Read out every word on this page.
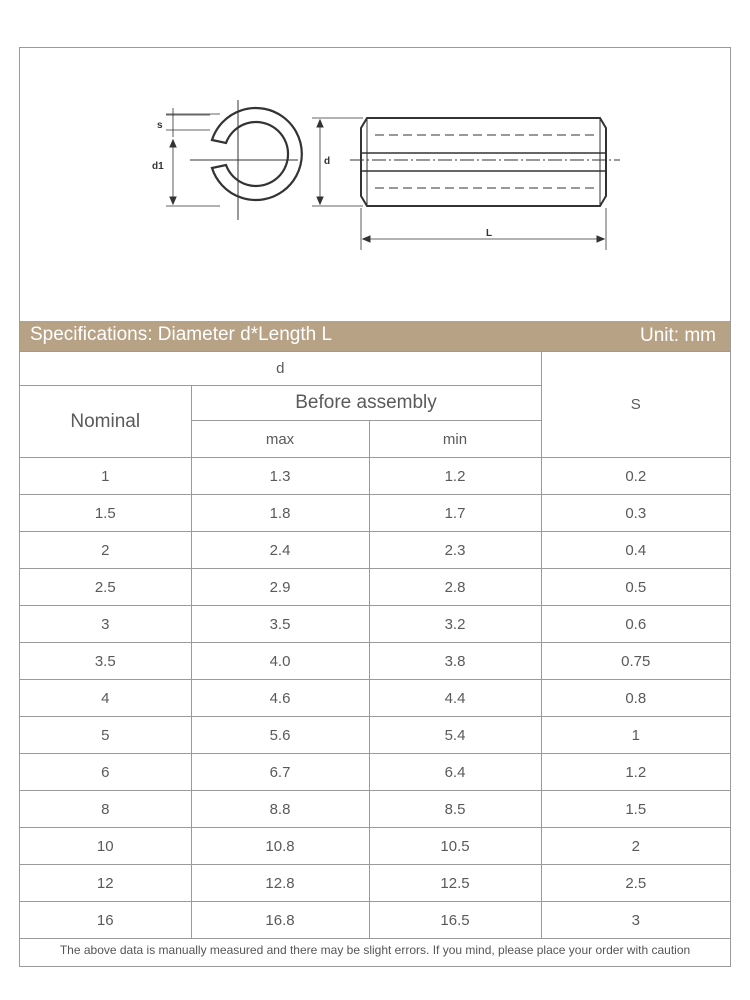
s
d1	d
L
Specifications: Diameter d*Length L	Unit: mm
d			S
Nominal	Before assembly		
	max	min	
1	1.3	1.2	0.2
1.5	1.8	1.7	0.3
2	2.4	2.3	0.4
2.5	2.9	2.8	0.5
3	3.5	3.2	0.6
3.5	4.0	3.8	0.75
4	4.6	4.4	0.8
5	5.6	5.4	1
6	6.7	6.4	1.2
8	8.8	8.5	1.5
10	10.8	10.5	2
12	12.8	12.5	2.5
16	16.8	16.5	3
The above data is manually measured and there may be slight errors. If you mind, please place your order with caution
